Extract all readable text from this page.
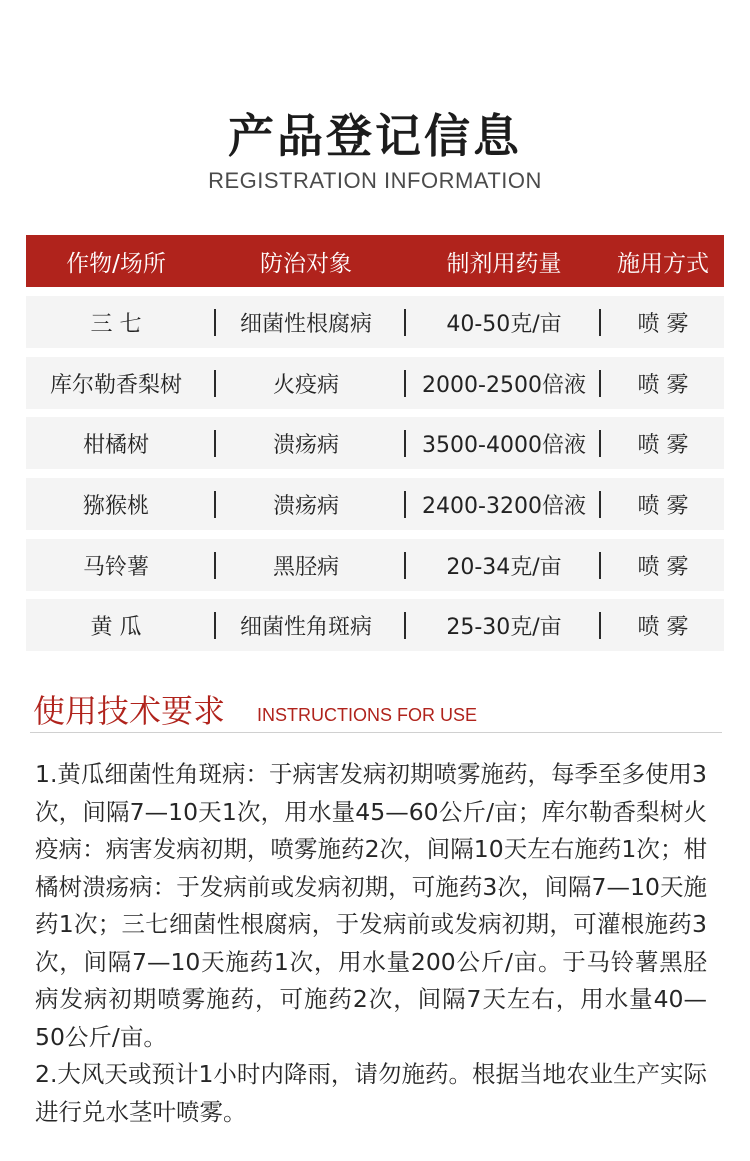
产品登记信息
REGISTRATION INFORMATION
作物/场所	防治对象	制剂用药量	施用方式
三 七	细菌性根腐病	40-50克/亩	喷 雾
库尔勒香梨树	火疫病	2000-2500倍液	喷 雾
柑橘树	溃疡病	3500-4000倍液	喷 雾
猕猴桃	溃疡病	2400-3200倍液	喷 雾
马铃薯	黑胫病	20-34克/亩	喷 雾
黄 瓜	细菌性角斑病	25-30克/亩	喷 雾
使用技术要求 INSTRUCTIONS FOR USE

1.黄瓜细菌性角斑病：于病害发病初期喷雾施药，每季至多使用3次，间隔7—10天1次，用水量45—60公斤/亩；库尔勒香梨树火疫病：病害发病初期，喷雾施药2次，间隔10天左右施药1次；柑橘树溃疡病：于发病前或发病初期，可施药3次，间隔7—10天施药1次；三七细菌性根腐病，于发病前或发病初期，可灌根施药3次，间隔7—10天施药1次，用水量200公斤/亩。于马铃薯黑胫病发病初期喷雾施药，可施药2次，间隔7天左右，用水量40—50公斤/亩。

2.大风天或预计1小时内降雨，请勿施药。根据当地农业生产实际进行兑水茎叶喷雾。
